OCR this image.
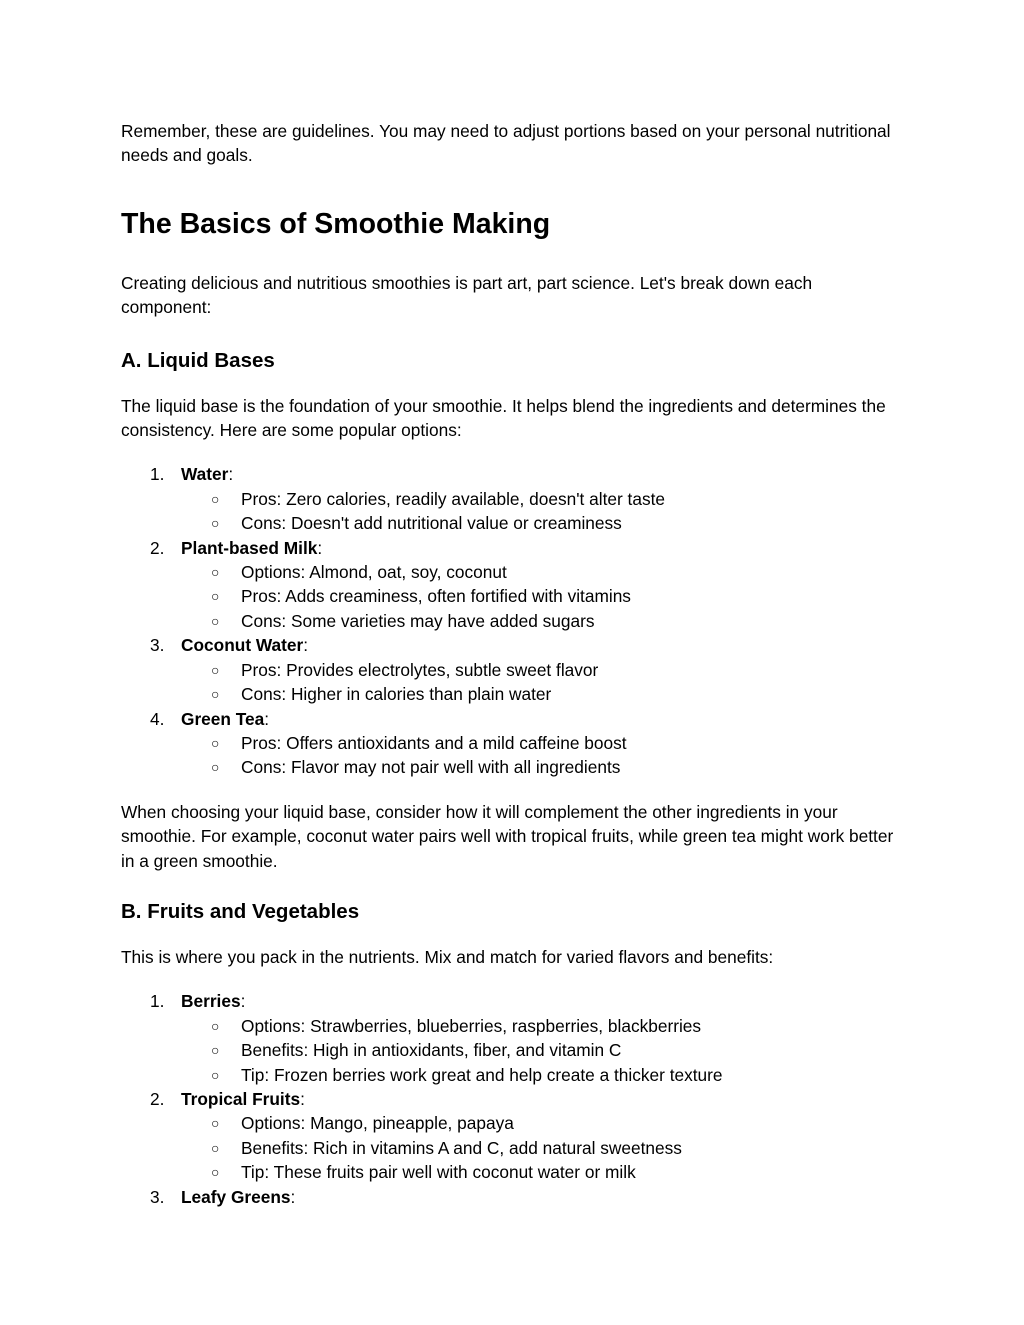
Remember, these are guidelines. You may need to adjust portions based on your personal nutritional needs and goals.

The Basics of Smoothie Making

Creating delicious and nutritious smoothies is part art, part science. Let's break down each component:

A. Liquid Bases

The liquid base is the foundation of your smoothie. It helps blend the ingredients and determines the consistency. Here are some popular options:

1. Water:
○ Pros: Zero calories, readily available, doesn't alter taste
○ Cons: Doesn't add nutritional value or creaminess
2. Plant-based Milk:
○ Options: Almond, oat, soy, coconut
○ Pros: Adds creaminess, often fortified with vitamins
○ Cons: Some varieties may have added sugars
3. Coconut Water:
○ Pros: Provides electrolytes, subtle sweet flavor
○ Cons: Higher in calories than plain water
4. Green Tea:
○ Pros: Offers antioxidants and a mild caffeine boost
○ Cons: Flavor may not pair well with all ingredients

When choosing your liquid base, consider how it will complement the other ingredients in your smoothie. For example, coconut water pairs well with tropical fruits, while green tea might work better in a green smoothie.

B. Fruits and Vegetables

This is where you pack in the nutrients. Mix and match for varied flavors and benefits:

1. Berries:
○ Options: Strawberries, blueberries, raspberries, blackberries
○ Benefits: High in antioxidants, fiber, and vitamin C
○ Tip: Frozen berries work great and help create a thicker texture
2. Tropical Fruits:
○ Options: Mango, pineapple, papaya
○ Benefits: Rich in vitamins A and C, add natural sweetness
○ Tip: These fruits pair well with coconut water or milk
3. Leafy Greens:
